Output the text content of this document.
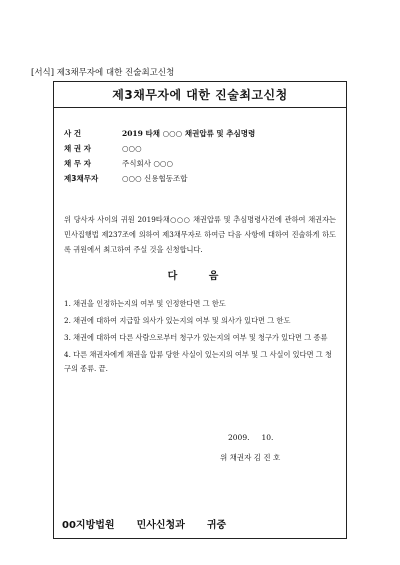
[서식] 제3채무자에 대한 진술최고신청
제3채무자에 대한 진술최고신청
사 건	2019 타채 ○○○ 채권압류 및 추심명령
채 권 자	○○○
채 무 자	주식회사 ○○○
제3채무자	○○○ 신용협동조합
위 당사자 사이의 귀원 2019타채○○○ 채권압류 및 추심명령사건에 관하여 채권자는 민사집행법 제237조에 의하여 제3채무자로 하여금 다음 사항에 대하여 진술하게 하도록 귀원에서 최고하여 주실 것을 신청합니다.
다 음
1. 채권을 인정하는지의 여부 및 인정한다면 그 한도
2. 채권에 대하여 지급할 의사가 있는지의 여부 및 의사가 있다면 그 한도
3. 채권에 대하여 다른 사람으로부터 청구가 있는지의 여부 및 청구가 있다면 그 종류
4. 다른 채권자에게 채권을 압류 당한 사실이 있는지의 여부 및 그 사실이 있다면 그 청구의 종류. 끝.
2009. 10.
위 채권자 김 진 호
00지방법원 민사신청과 귀중
